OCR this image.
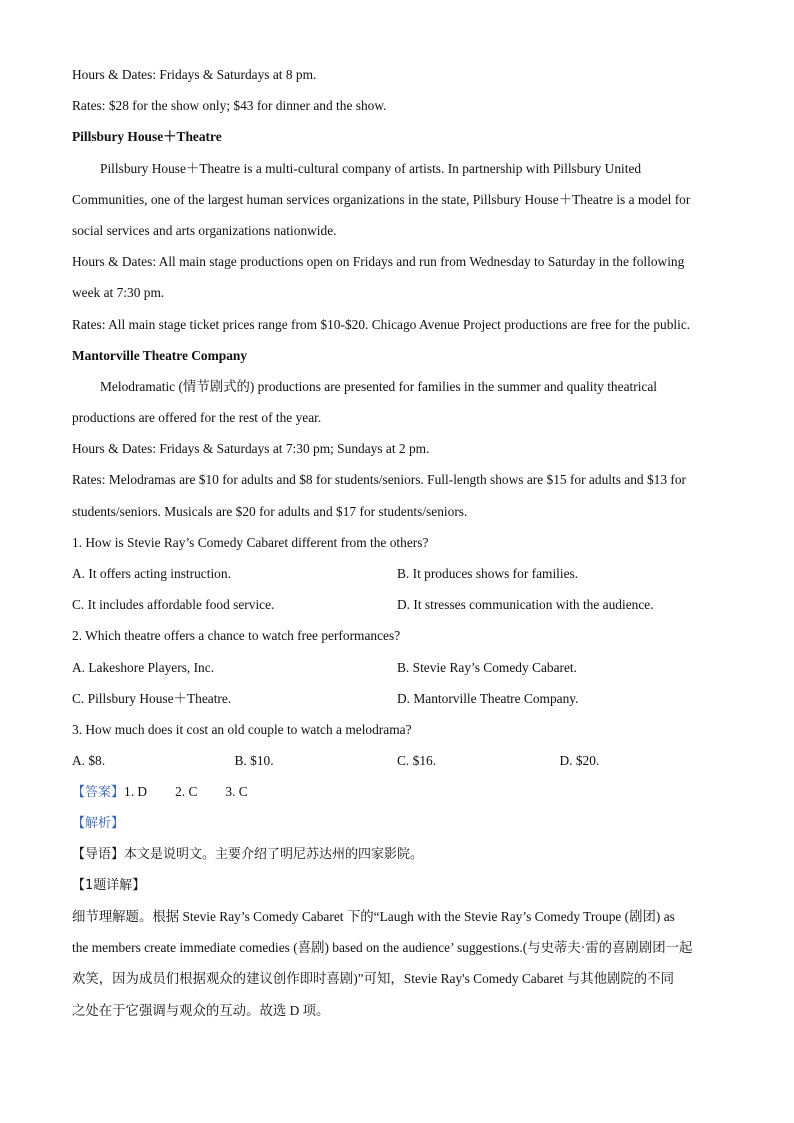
Hours & Dates: Fridays & Saturdays at 8 pm.
Rates: $28 for the show only; $43 for dinner and the show.
Pillsbury House＋Theatre
Pillsbury House＋Theatre is a multi-cultural company of artists. In partnership with Pillsbury United
Communities, one of the largest human services organizations in the state, Pillsbury House＋Theatre is a model for
social services and arts organizations nationwide.
Hours & Dates: All main stage productions open on Fridays and run from Wednesday to Saturday in the following
week at 7:30 pm.
Rates: All main stage ticket prices range from $10-$20. Chicago Avenue Project productions are free for the public.
Mantorville Theatre Company
Melodramatic (情节剧式的) productions are presented for families in the summer and quality theatrical
productions are offered for the rest of the year.
Hours & Dates: Fridays & Saturdays at 7:30 pm; Sundays at 2 pm.
Rates: Melodramas are $10 for adults and $8 for students/seniors. Full-length shows are $15 for adults and $13 for
students/seniors. Musicals are $20 for adults and $17 for students/seniors.
1. How is Stevie Ray’s Comedy Cabaret different from the others?
A. It offers acting instruction.	B. It produces shows for families.
C. It includes affordable food service.	D. It stresses communication with the audience.
2. Which theatre offers a chance to watch free performances?
A. Lakeshore Players, Inc.	B. Stevie Ray’s Comedy Cabaret.
C. Pillsbury House＋Theatre.	D. Mantorville Theatre Company.
3. How much does it cost an old couple to watch a melodrama?
A. $8.	B. $10.	C. $16.	D. $20.
【答案】1. D 2. C 3. C
【解析】
【导语】本文是说明文。主要介绍了明尼苏达州的四家影院。
【1题详解】
细节理解题。根据 Stevie Ray’s Comedy Cabaret 下的“Laugh with the Stevie Ray’s Comedy Troupe (剧团) as
the members create immediate comedies (喜剧) based on the audience’ suggestions.(与史蒂夫·雷的喜剧剧团一起
欢笑，因为成员们根据观众的建议创作即时喜剧)”可知，Stevie Ray's Comedy Cabaret 与其他剧院的不同
之处在于它强调与观众的互动。故选 D 项。
